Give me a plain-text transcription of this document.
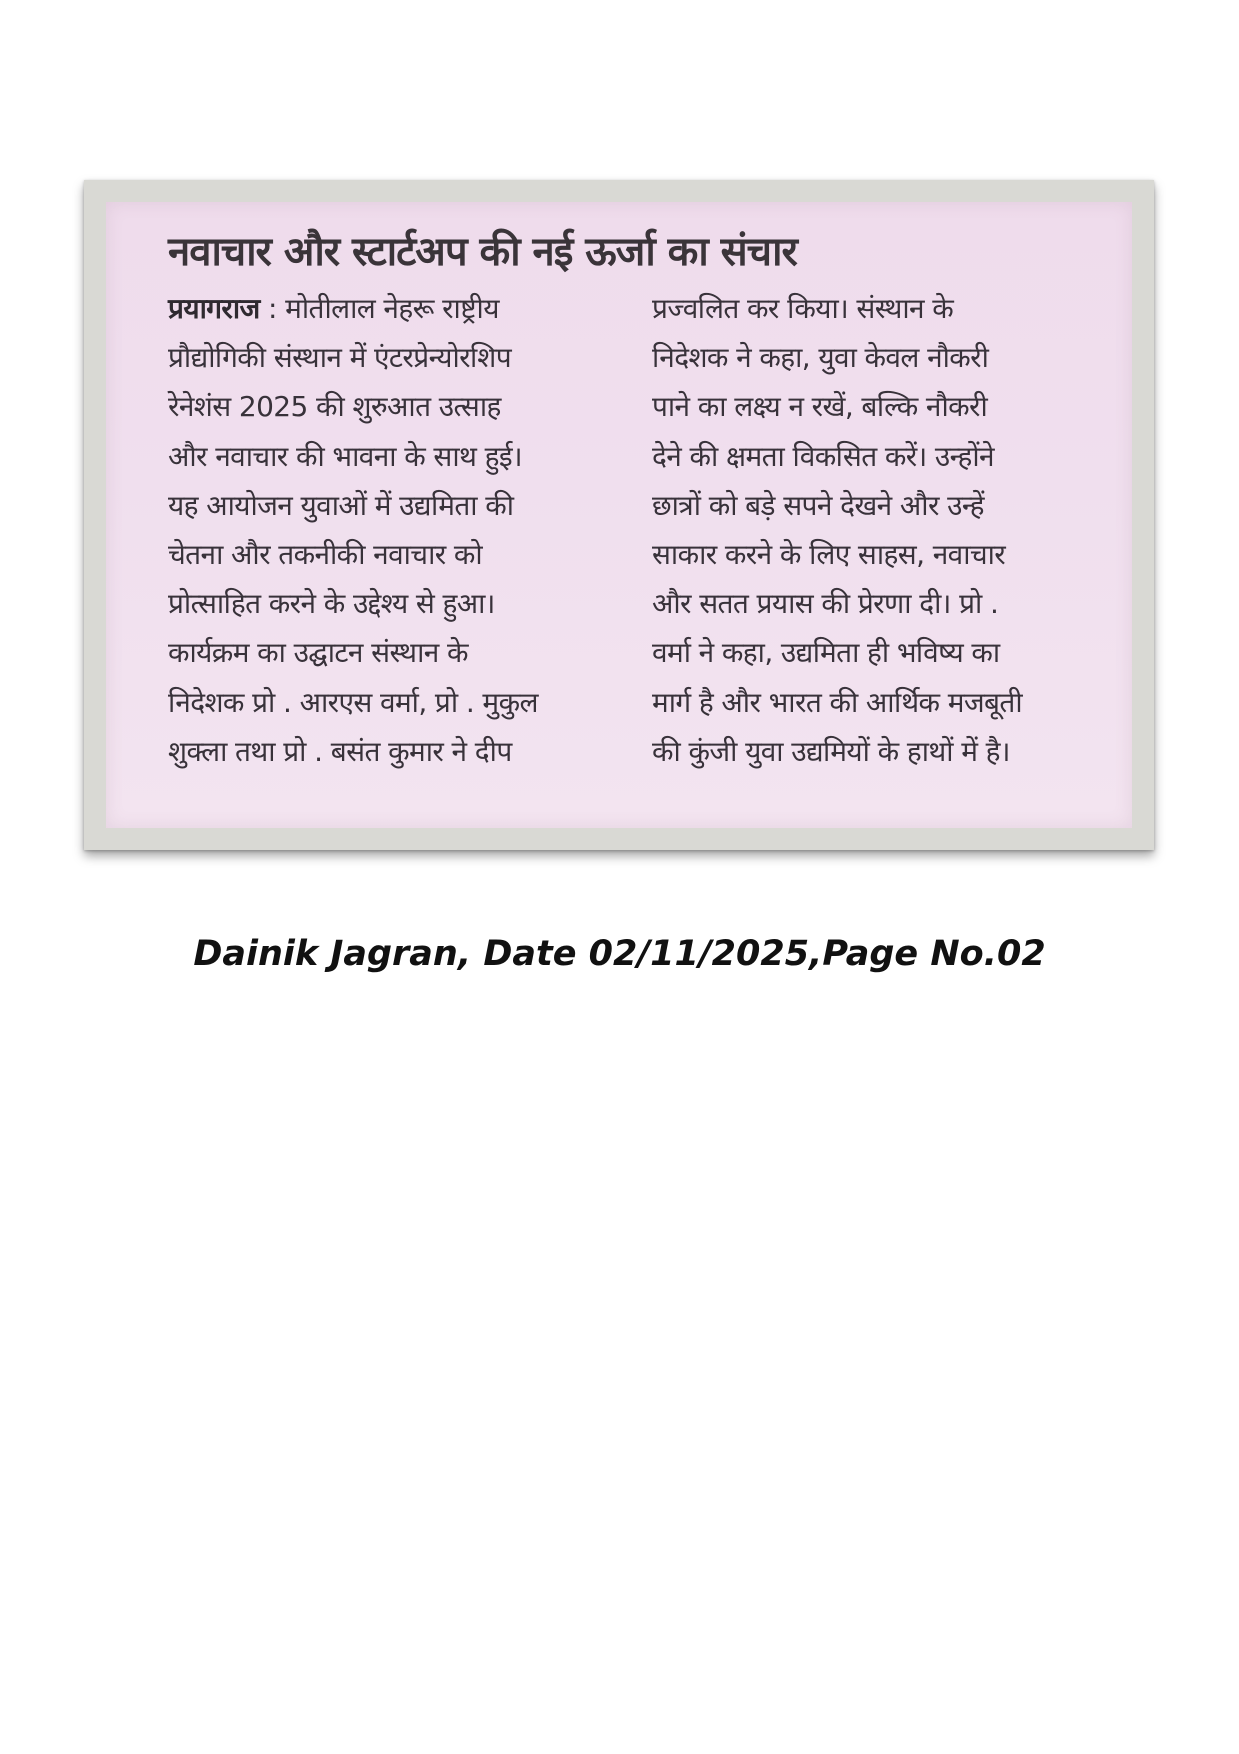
नवाचार और स्टार्टअप की नई ऊर्जा का संचार
प्रयागराज : मोतीलाल नेहरू राष्ट्रीय
प्रौद्योगिकी संस्थान में एंटरप्रेन्योरशिप
रेनेशंस 2025 की शुरुआत उत्साह
और नवाचार की भावना के साथ हुई।
यह आयोजन युवाओं में उद्यमिता की
चेतना और तकनीकी नवाचार को
प्रोत्साहित करने के उद्देश्य से हुआ।
कार्यक्रम का उद्घाटन संस्थान के
निदेशक प्रो . आरएस वर्मा, प्रो . मुकुल
शुक्ला तथा प्रो . बसंत कुमार ने दीप
प्रज्वलित कर किया। संस्थान के
निदेशक ने कहा, युवा केवल नौकरी
पाने का लक्ष्य न रखें, बल्कि नौकरी
देने की क्षमता विकसित करें। उन्होंने
छात्रों को बड़े सपने देखने और उन्हें
साकार करने के लिए साहस, नवाचार
और सतत प्रयास की प्रेरणा दी। प्रो .
वर्मा ने कहा, उद्यमिता ही भविष्य का
मार्ग है और भारत की आर्थिक मजबूती
की कुंजी युवा उद्यमियों के हाथों में है।
Dainik Jagran, Date 02/11/2025,Page No.02
